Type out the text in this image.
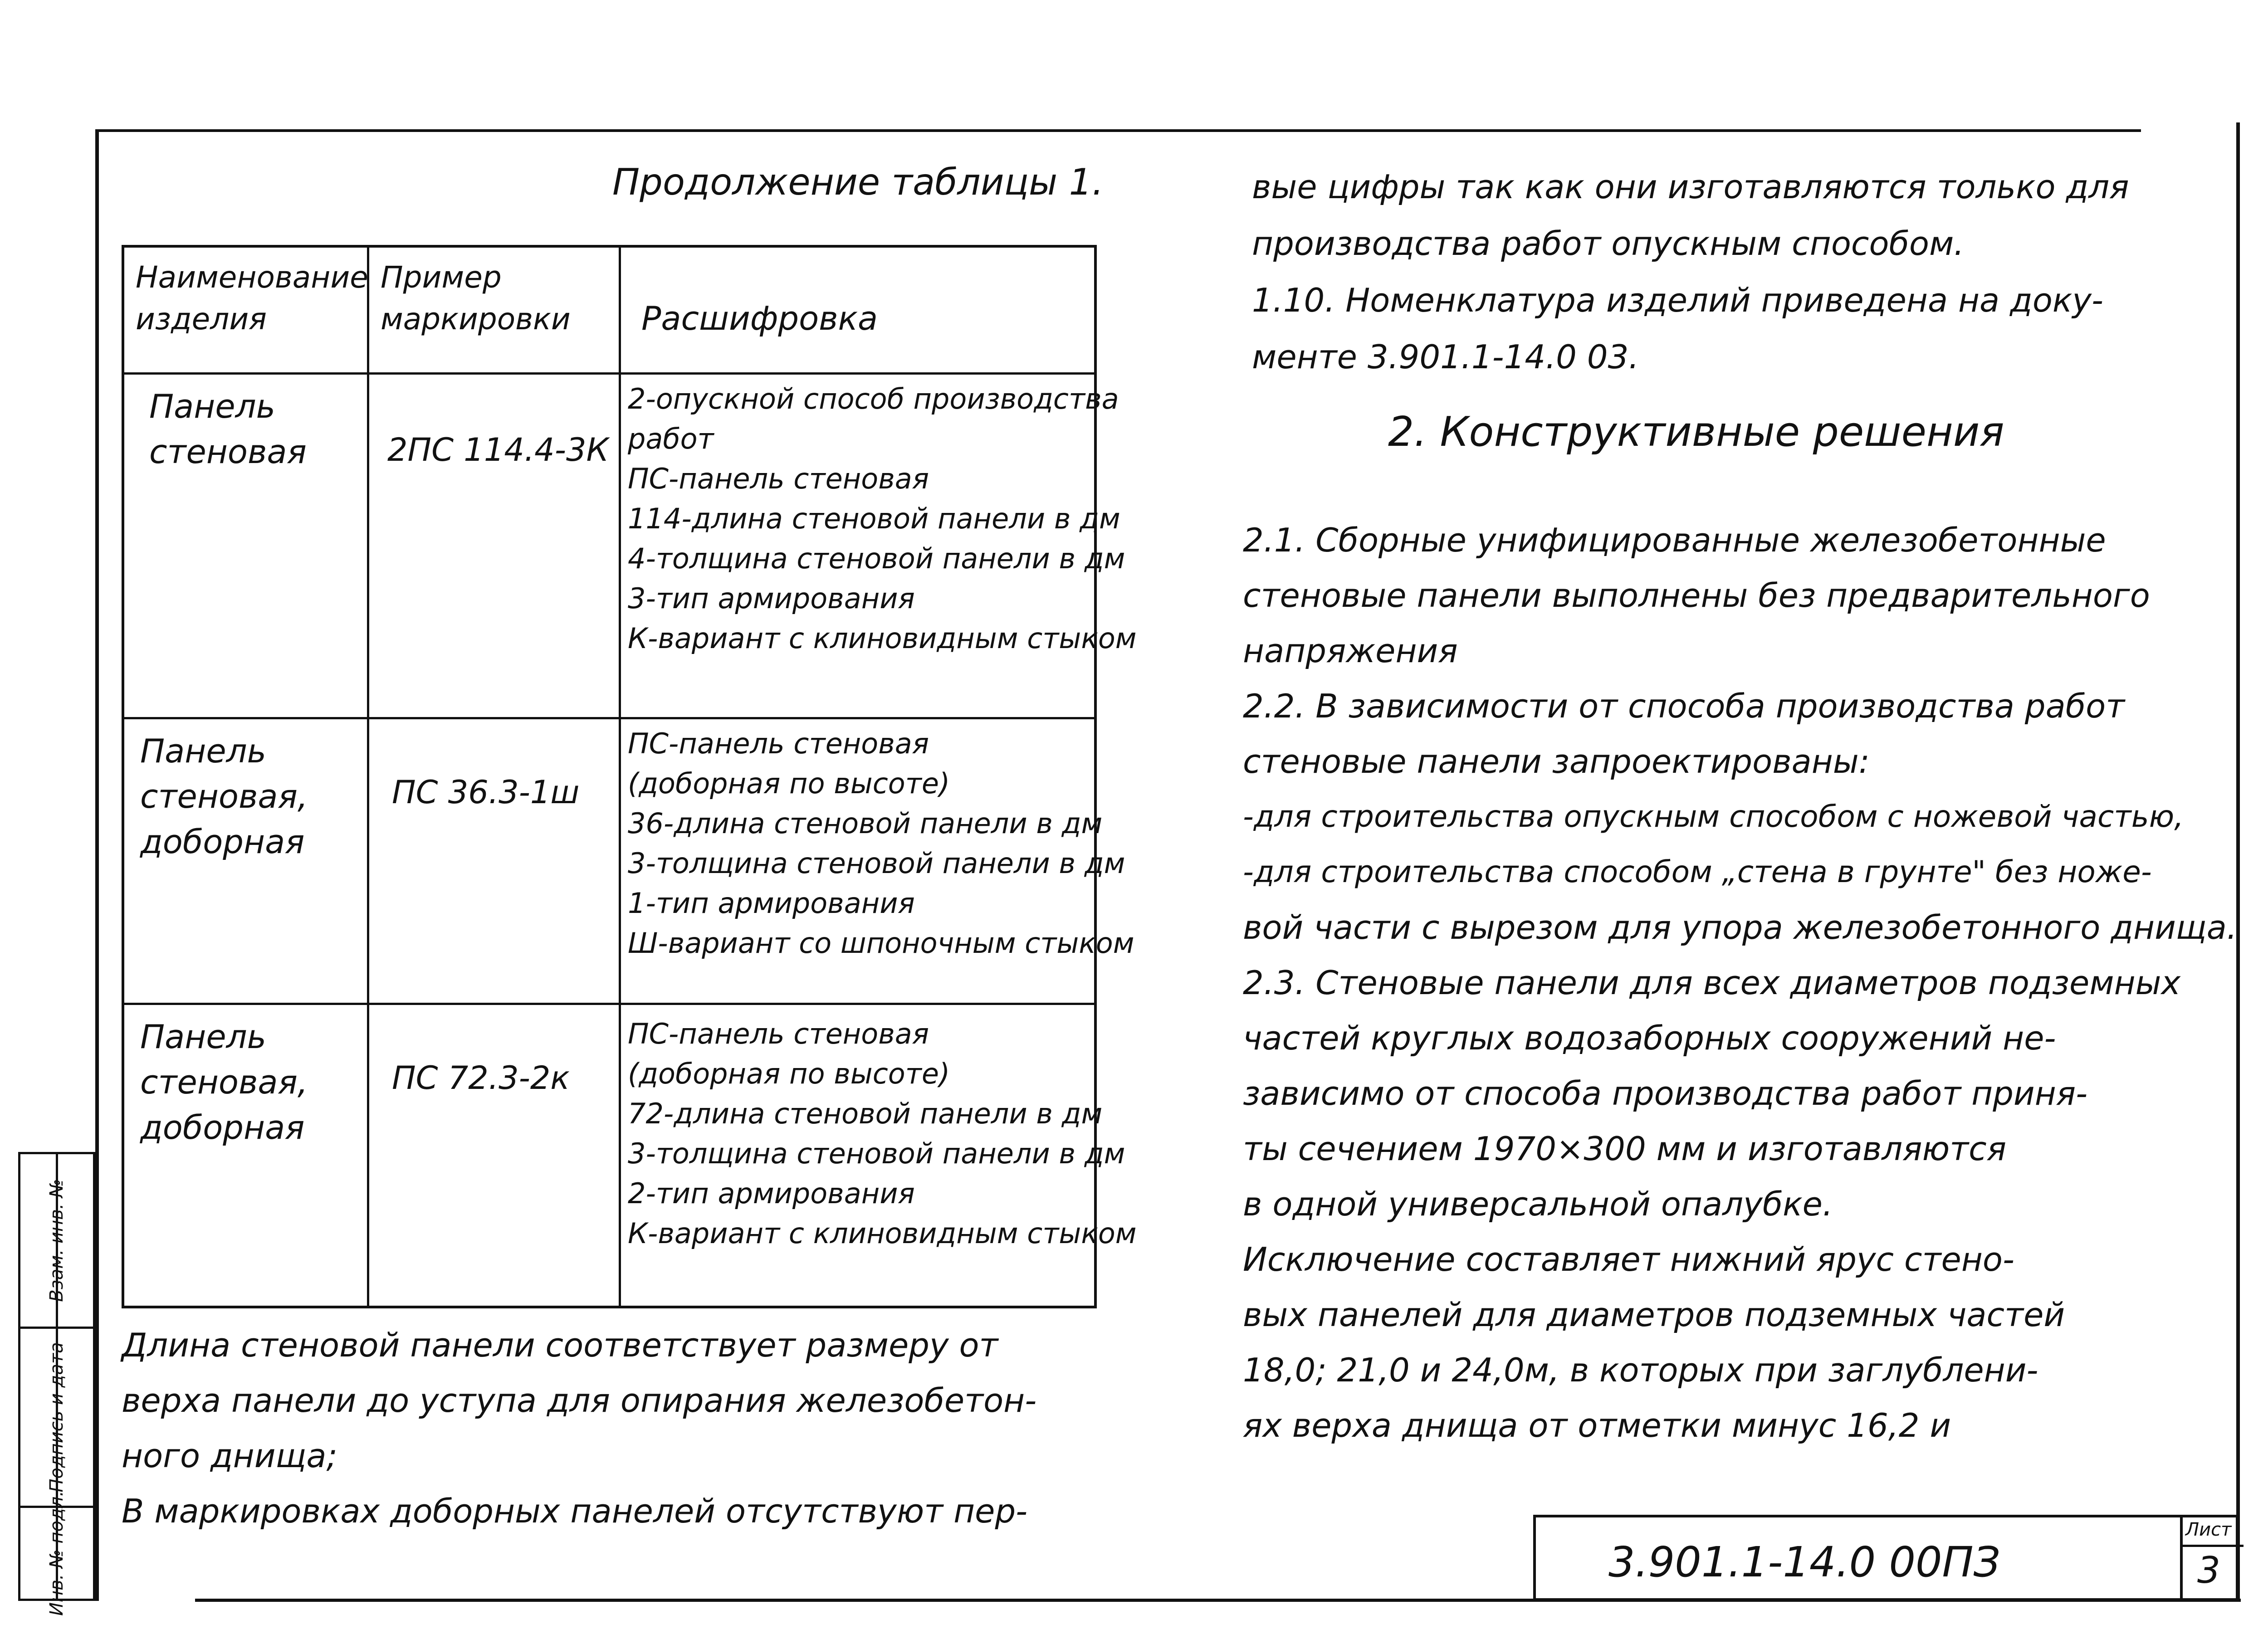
Продолжение таблицы 1.
Наименование
изделия
Пример
маркировки Расшифровка
Панель
стеновая	2ПС 114.4-3К
2-опускной способ производства
работ
ПС-панель стеновая
114-длина стеновой панели в дм
4-толщина стеновой панели в дм
3-тип армирования
К-вариант с клиновидным стыком
Панель
стеновая,
доборная
ПС 36.3-1ш
ПС-панель стеновая
(доборная по высоте)
36-длина стеновой панели в дм
3-толщина стеновой панели в дм
1-тип армирования
Ш-вариант со шпоночным стыком
Панель
стеновая,
доборная
ПС 72.3-2к
ПС-панель стеновая
(доборная по высоте)
72-длина стеновой панели в дм
3-толщина стеновой панели в дм
2-тип армирования
К-вариант с клиновидным стыком
Длина стеновой панели соответствует размеру от
верха панели до уступа для опирания железобетон-
ного днища;
В маркировках доборных панелей отсутствуют пер-
вые цифры так как они изготавляются только для
производства работ опускным способом.
1.10. Номенклатура изделий приведена на доку-
менте 3.901.1-14.0 03.
2. Конструктивные решения
2.1. Сборные унифицированные железобетонные
стеновые панели выполнены без предварительного
напряжения
2.2. В зависимости от способа производства работ
стеновые панели запроектированы:
-для строительства опускным способом с ножевой частью,
-для строительства способом „стена в грунте" без ноже-
вой части с вырезом для упора железобетонного днища.
2.3. Стеновые панели для всех диаметров подземных
частей круглых водозаборных сооружений не-
зависимо от способа производства работ приня-
ты сечением 1970×300 мм и изготавляются
в одной универсальной опалубке.
Исключение составляет нижний ярус стено-
вых панелей для диаметров подземных частей
18,0; 21,0 и 24,0м, в которых при заглублени-
ях верха днища от отметки минус 16,2 и
Взам. инв. №
Подпись и дата
Инв. № подл.	3.901.1-14.0 00ПЗ
Лист
3
